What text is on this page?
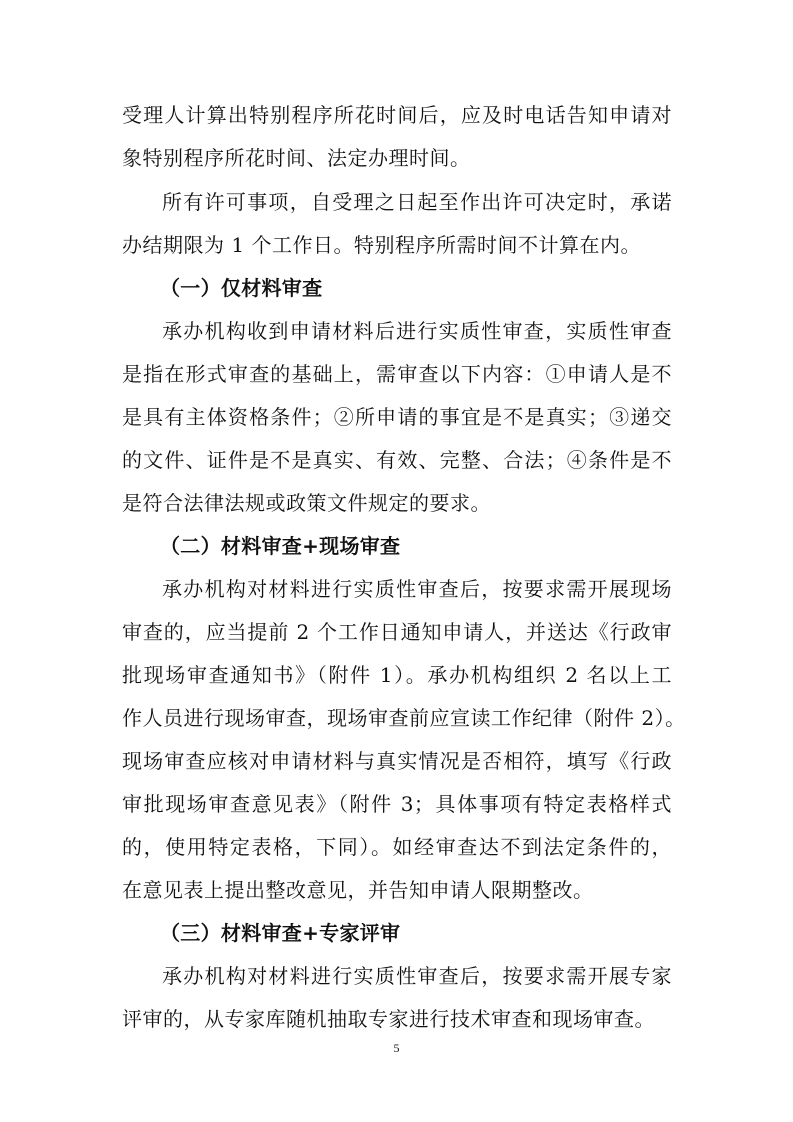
受理人计算出特别程序所花时间后，应及时电话告知申请对
象特别程序所花时间、法定办理时间。
所有许可事项，自受理之日起至作出许可决定时，承诺
办结期限为 1 个工作日。特别程序所需时间不计算在内。
（一）仅材料审查
承办机构收到申请材料后进行实质性审查，实质性审查
是指在形式审查的基础上，需审查以下内容：①申请人是不
是具有主体资格条件；②所申请的事宜是不是真实；③递交
的文件、证件是不是真实、有效、完整、合法；④条件是不
是符合法律法规或政策文件规定的要求。
（二）材料审查+现场审查
承办机构对材料进行实质性审查后，按要求需开展现场
审查的，应当提前 2 个工作日通知申请人，并送达《行政审
批现场审查通知书》（附件 1）。承办机构组织 2 名以上工
作人员进行现场审查，现场审查前应宣读工作纪律（附件 2）。
现场审查应核对申请材料与真实情况是否相符，填写《行政
审批现场审查意见表》（附件 3；具体事项有特定表格样式
的，使用特定表格，下同）。如经审查达不到法定条件的，
在意见表上提出整改意见，并告知申请人限期整改。
（三）材料审查+专家评审
承办机构对材料进行实质性审查后，按要求需开展专家
评审的，从专家库随机抽取专家进行技术审查和现场审查。
5
